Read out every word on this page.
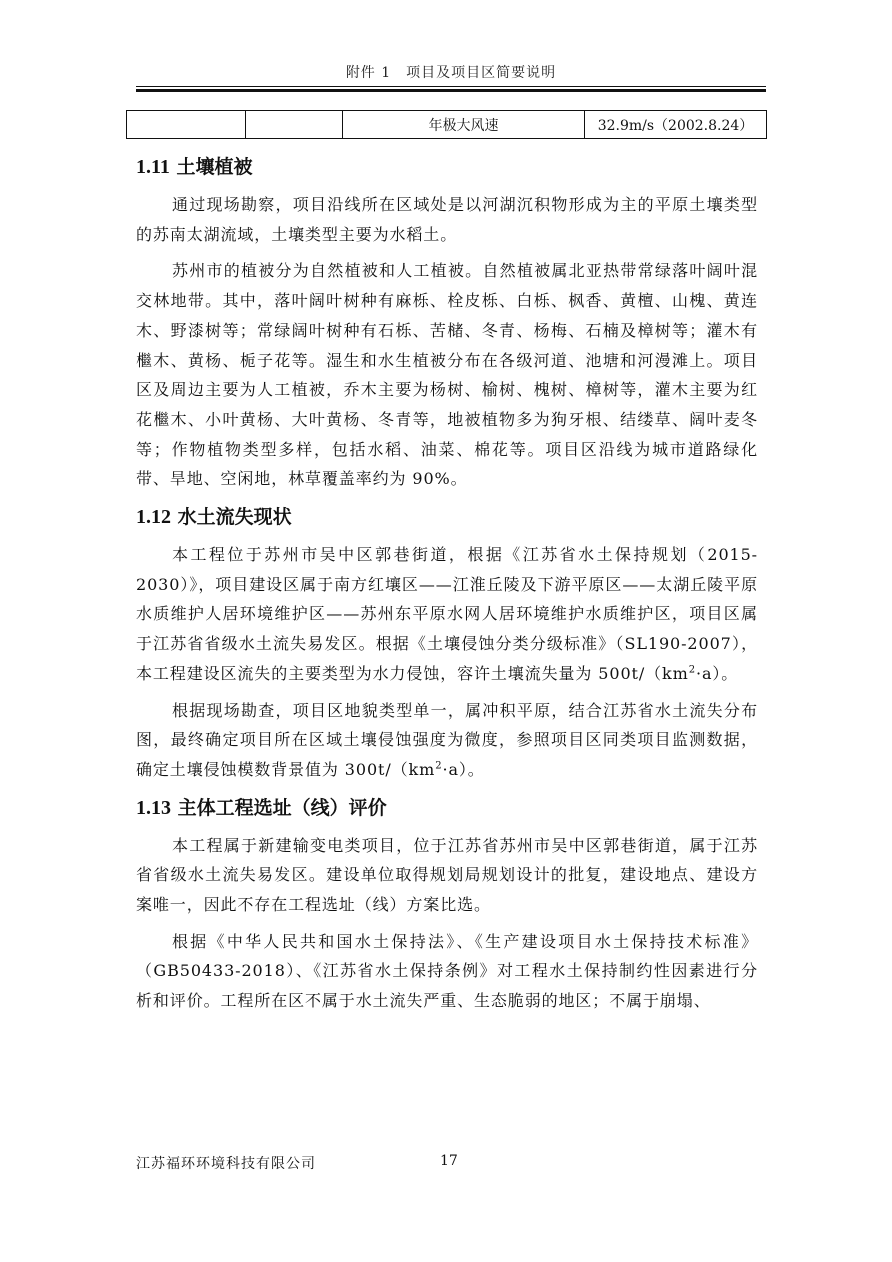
附件 1　项目及项目区简要说明
		年极大风速	32.9m/s（2002.8.24）
1.11 土壤植被

通过现场勘察，项目沿线所在区域处是以河湖沉积物形成为主的平原土壤类型的苏南太湖流域，土壤类型主要为水稻土。

苏州市的植被分为自然植被和人工植被。自然植被属北亚热带常绿落叶阔叶混交林地带。其中，落叶阔叶树种有麻栎、栓皮栎、白栎、枫香、黄檀、山槐、黄连木、野漆树等；常绿阔叶树种有石栎、苦槠、冬青、杨梅、石楠及樟树等；灌木有檵木、黄杨、栀子花等。湿生和水生植被分布在各级河道、池塘和河漫滩上。项目区及周边主要为人工植被，乔木主要为杨树、榆树、槐树、樟树等，灌木主要为红花檵木、小叶黄杨、大叶黄杨、冬青等，地被植物多为狗牙根、结缕草、阔叶麦冬等；作物植物类型多样，包括水稻、油菜、棉花等。项目区沿线为城市道路绿化带、旱地、空闲地，林草覆盖率约为 90%。

1.12 水土流失现状

本工程位于苏州市吴中区郭巷街道，根据《江苏省水土保持规划（2015-2030）》，项目建设区属于南方红壤区——江淮丘陵及下游平原区——太湖丘陵平原水质维护人居环境维护区——苏州东平原水网人居环境维护水质维护区，项目区属于江苏省省级水土流失易发区。根据《土壤侵蚀分类分级标准》（SL190-2007），本工程建设区流失的主要类型为水力侵蚀，容许土壤流失量为 $500t/(km^2\cdot a)$。

根据现场勘查，项目区地貌类型单一，属冲积平原，结合江苏省水土流失分布图，最终确定项目所在区域土壤侵蚀强度为微度，参照项目区同类项目监测数据，确定土壤侵蚀模数背景值为 $300t/(km^2\cdot a)$。

1.13 主体工程选址（线）评价

本工程属于新建输变电类项目，位于江苏省苏州市吴中区郭巷街道，属于江苏省省级水土流失易发区。建设单位取得规划局规划设计的批复，建设地点、建设方案唯一，因此不存在工程选址（线）方案比选。

根据《中华人民共和国水土保持法》、《生产建设项目水土保持技术标准》（GB50433-2018）、《江苏省水土保持条例》对工程水土保持制约性因素进行分析和评价。工程所在区不属于水土流失严重、生态脆弱的地区；不属于崩塌、

江苏福环环境科技有限公司	17
